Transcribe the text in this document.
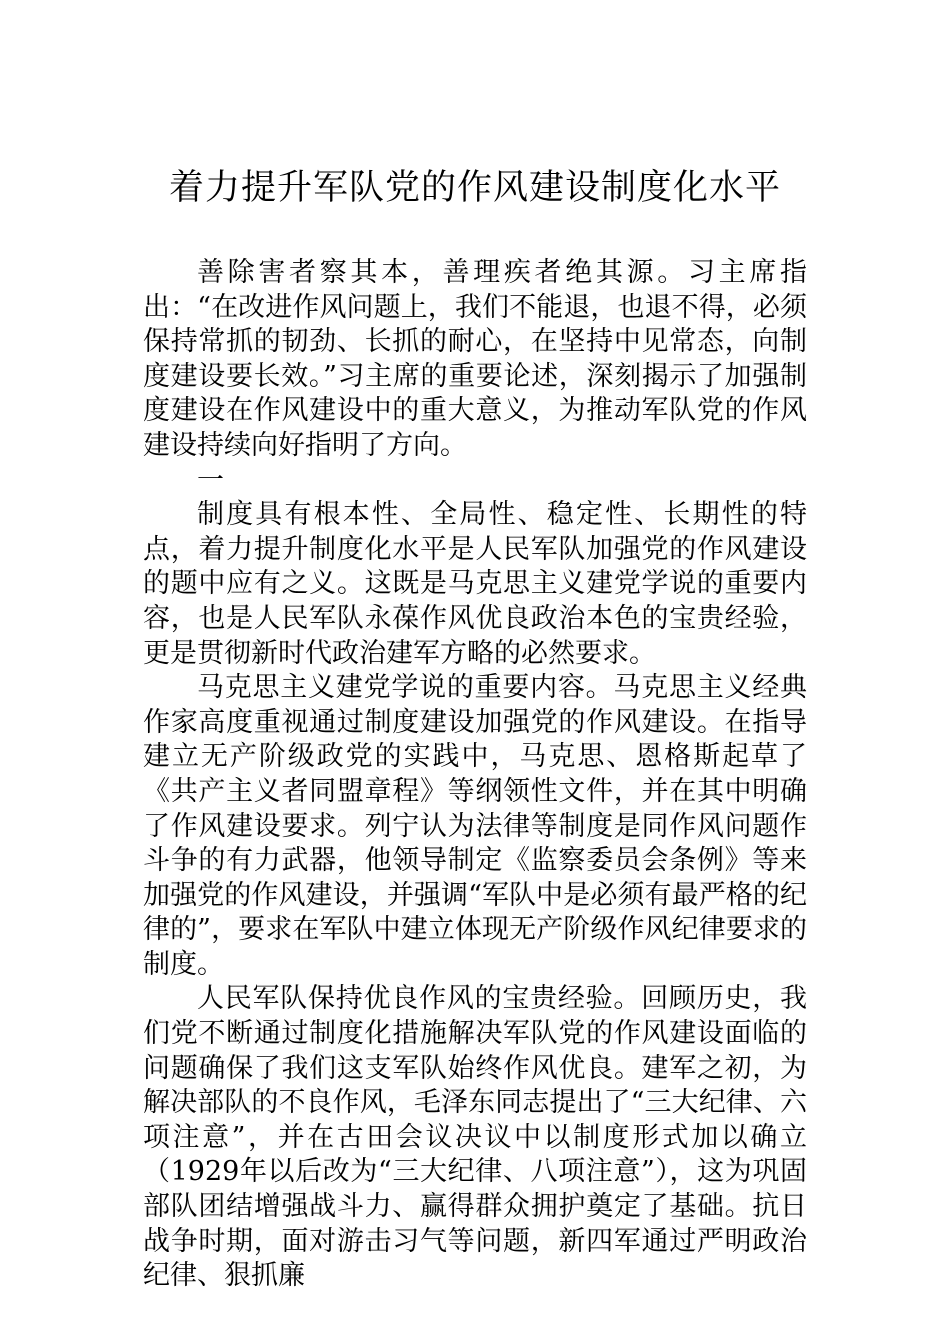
着力提升军队党的作风建设制度化水平

善除害者察其本，善理疾者绝其源。习主席指出：“在改进作风问题上，我们不能退，也退不得，必须保持常抓的韧劲、长抓的耐心，在坚持中见常态，向制度建设要长效。”习主席的重要论述，深刻揭示了加强制度建设在作风建设中的重大意义，为推动军队党的作风建设持续向好指明了方向。

一

制度具有根本性、全局性、稳定性、长期性的特点，着力提升制度化水平是人民军队加强党的作风建设的题中应有之义。这既是马克思主义建党学说的重要内容，也是人民军队永葆作风优良政治本色的宝贵经验，更是贯彻新时代政治建军方略的必然要求。

马克思主义建党学说的重要内容。马克思主义经典作家高度重视通过制度建设加强党的作风建设。在指导建立无产阶级政党的实践中，马克思、恩格斯起草了《共产主义者同盟章程》等纲领性文件，并在其中明确了作风建设要求。列宁认为法律等制度是同作风问题作斗争的有力武器，他领导制定《监察委员会条例》等来加强党的作风建设，并强调“军队中是必须有最严格的纪律的”，要求在军队中建立体现无产阶级作风纪律要求的制度。

人民军队保持优良作风的宝贵经验。回顾历史，我们党不断通过制度化措施解决军队党的作风建设面临的问题确保了我们这支军队始终作风优良。建军之初，为解决部队的不良作风，毛泽东同志提出了“三大纪律、六项注意”，并在古田会议决议中以制度形式加以确立（1929年以后改为“三大纪律、八项注意”），这为巩固部队团结增强战斗力、赢得群众拥护奠定了基础。抗日战争时期，面对游击习气等问题，新四军通过严明政治纪律、狠抓廉
